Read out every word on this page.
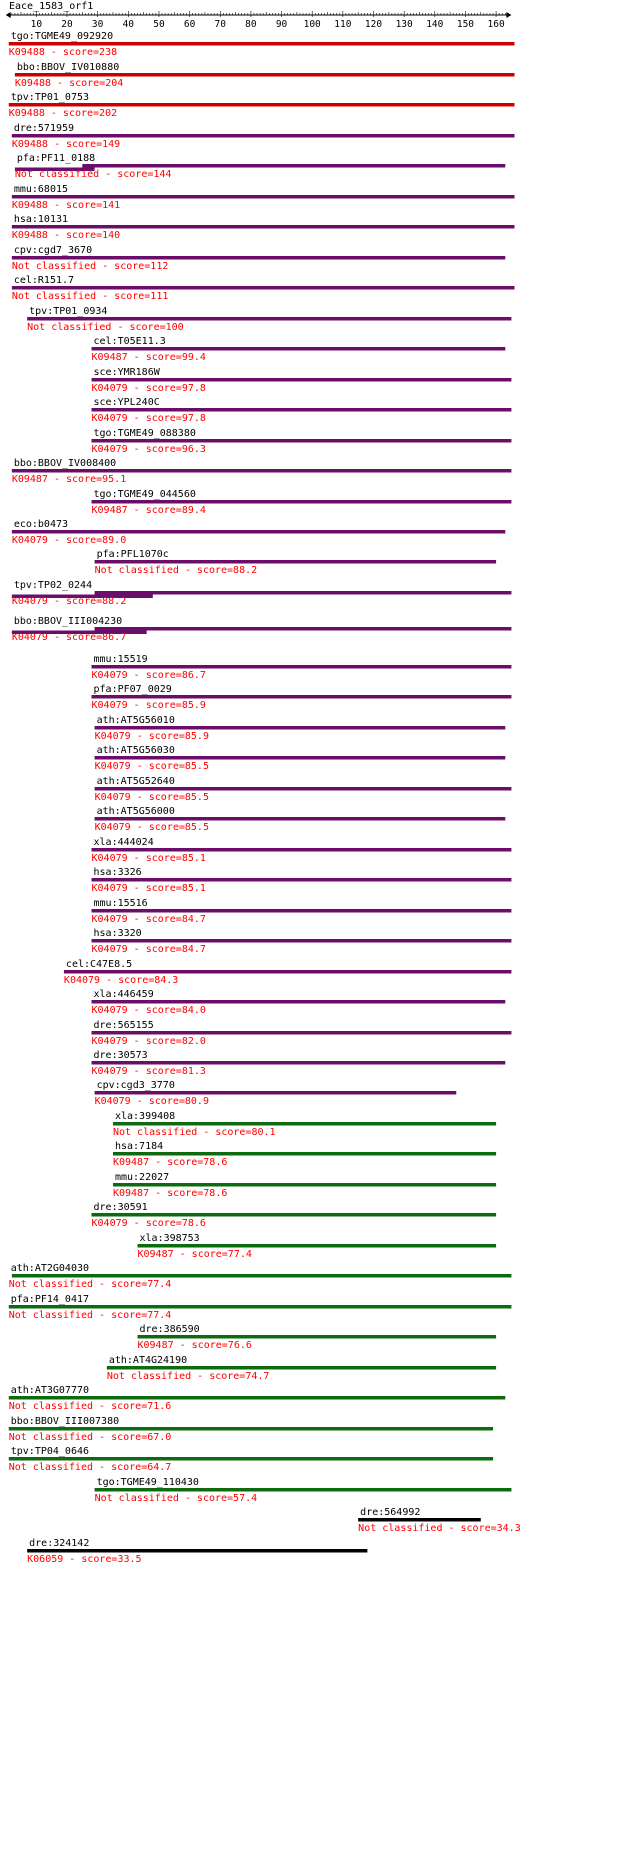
Eace_1583_orf1
10 20 30 40 50 60 70 80 90 100 110 120 130 140 150 160
tgo:TGME49_092920
K09488 - score=238
bbo:BBOV_IV010880
K09488 - score=204
tpv:TP01_0753
K09488 - score=202
dre:571959
K09488 - score=149
pfa:PF11_0188
Not classified - score=144
mmu:68015
K09488 - score=141
hsa:10131
K09488 - score=140
cpv:cgd7_3670
Not classified - score=112
cel:R151.7
Not classified - score=111
tpv:TP01_0934
Not classified - score=100
cel:T05E11.3
K09487 - score=99.4
sce:YMR186W
K04079 - score=97.8
sce:YPL240C
K04079 - score=97.8
tgo:TGME49_088380
K04079 - score=96.3
bbo:BBOV_IV008400
K09487 - score=95.1
tgo:TGME49_044560
K09487 - score=89.4
eco:b0473
K04079 - score=89.0
pfa:PFL1070c
Not classified - score=88.2
tpv:TP02_0244
K04079 - score=88.2
bbo:BBOV_III004230
K04079 - score=86.7
mmu:15519
K04079 - score=86.7
pfa:PF07_0029
K04079 - score=85.9
ath:AT5G56010
K04079 - score=85.9
ath:AT5G56030
K04079 - score=85.5
ath:AT5G52640
K04079 - score=85.5
ath:AT5G56000
K04079 - score=85.5
xla:444024
K04079 - score=85.1
hsa:3326
K04079 - score=85.1
mmu:15516
K04079 - score=84.7
hsa:3320
K04079 - score=84.7
cel:C47E8.5
K04079 - score=84.3
xla:446459
K04079 - score=84.0
dre:565155
K04079 - score=82.0
dre:30573
K04079 - score=81.3
cpv:cgd3_3770
K04079 - score=80.9
xla:399408
Not classified - score=80.1
hsa:7184
K09487 - score=78.6
mmu:22027
K09487 - score=78.6
dre:30591
K04079 - score=78.6
xla:398753
K09487 - score=77.4
ath:AT2G04030
Not classified - score=77.4
pfa:PF14_0417
Not classified - score=77.4
dre:386590
K09487 - score=76.6
ath:AT4G24190
Not classified - score=74.7
ath:AT3G07770
Not classified - score=71.6
bbo:BBOV_III007380
Not classified - score=67.0
tpv:TP04_0646
Not classified - score=64.7
tgo:TGME49_110430
Not classified - score=57.4
dre:564992
Not classified - score=34.3
dre:324142
K06059 - score=33.5
